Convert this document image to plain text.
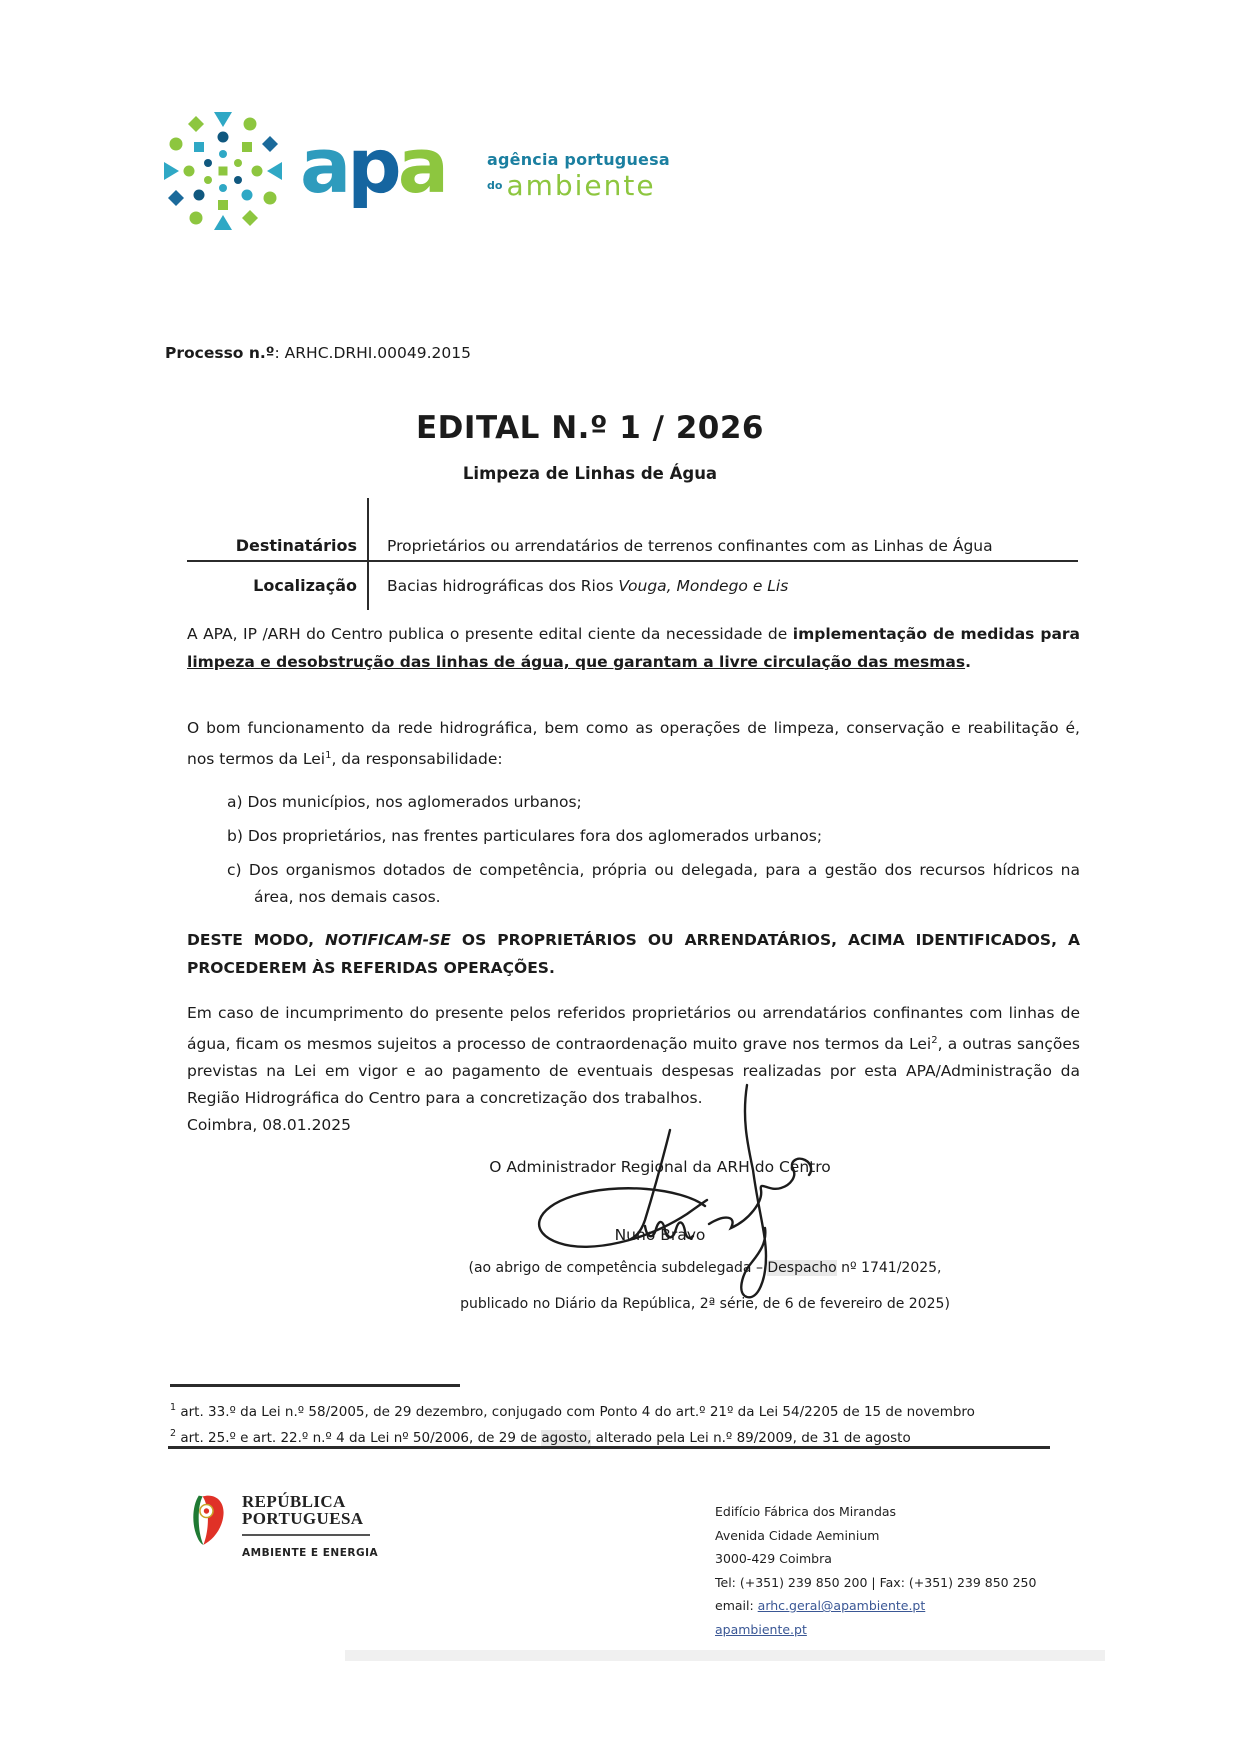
apa	agência portuguesa
$^{do}$ ambiente
Processo n.º: ARHC.DRHI.00049.2015
EDITAL N.º 1 / 2026
Limpeza de Linhas de Água
Destinatários Proprietários ou arrendatários de terrenos confinantes com as Linhas de Água
Localização Bacias hidrográficas dos Rios Vouga, Mondego e Lis
A APA, IP /ARH do Centro publica o presente edital ciente da necessidade de implementação de medidas para limpeza e desobstrução das linhas de água, que garantam a livre circulação das mesmas.
O bom funcionamento da rede hidrográfica, bem como as operações de limpeza, conservação e reabilitação é, nos termos da Lei$^1$, da responsabilidade:
a) Dos municípios, nos aglomerados urbanos;
b) Dos proprietários, nas frentes particulares fora dos aglomerados urbanos;
c) Dos organismos dotados de competência, própria ou delegada, para a gestão dos recursos hídricos na área, nos demais casos.
DESTE MODO, NOTIFICAM-SE OS PROPRIETÁRIOS OU ARRENDATÁRIOS, ACIMA IDENTIFICADOS, A PROCEDEREM ÀS REFERIDAS OPERAÇÕES.
Em caso de incumprimento do presente pelos referidos proprietários ou arrendatários confinantes com linhas de água, ficam os mesmos sujeitos a processo de contraordenação muito grave nos termos da Lei$^2$, a outras sanções previstas na Lei em vigor e ao pagamento de eventuais despesas realizadas por esta APA/Administração da Região Hidrográfica do Centro para a concretização dos trabalhos.
Coimbra, 08.01.2025
O Administrador Regional da ARH do Centro
Nuno Bravo
(ao abrigo de competência subdelegada – Despacho nº 1741/2025,
publicado no Diário da República, 2ª série, de 6 de fevereiro de 2025)
$^1$ art. 33.º da Lei n.º 58/2005, de 29 dezembro, conjugado com Ponto 4 do art.º 21º da Lei 54/2205 de 15 de novembro
$^2$ art. 25.º e art. 22.º n.º 4 da Lei nº 50/2006, de 29 de agosto, alterado pela Lei n.º 89/2009, de 31 de agosto
REPÚBLICA
PORTUGUESA
AMBIENTE E ENERGIA
Edifício Fábrica dos Mirandas
Avenida Cidade Aeminium
3000-429 Coimbra
Tel: (+351) 239 850 200 | Fax: (+351) 239 850 250
email: arhc.geral@apambiente.pt
apambiente.pt
